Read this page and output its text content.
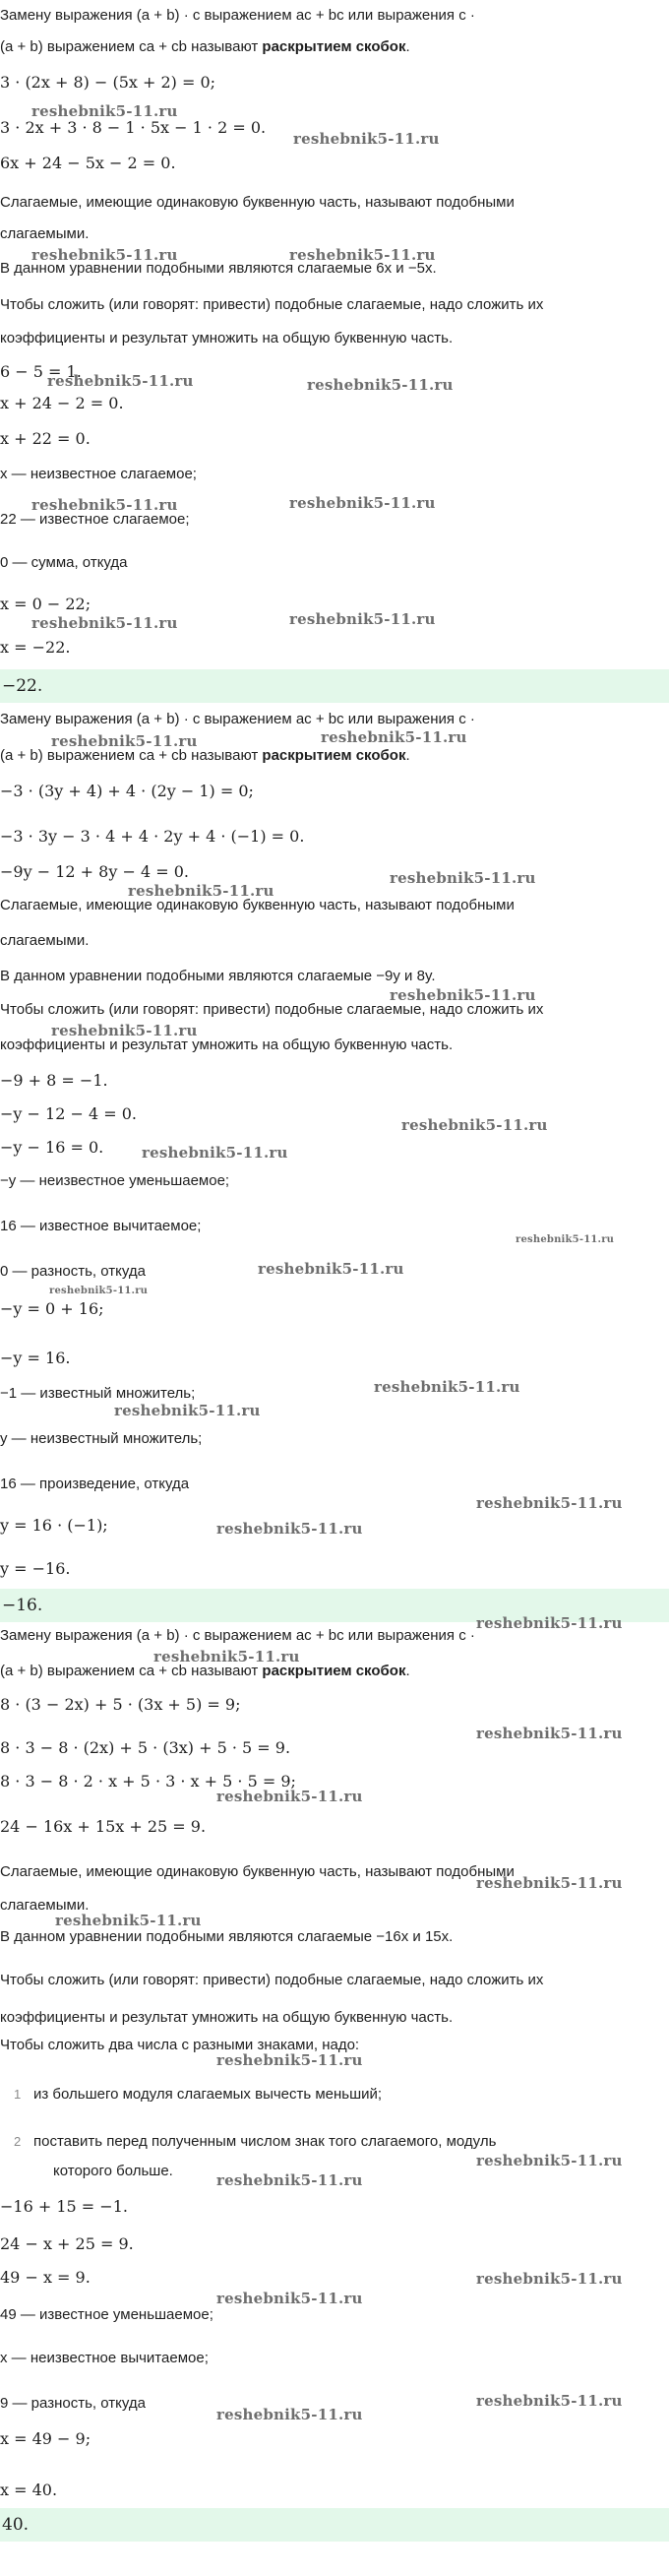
Замену выражения (a + b) · c выражением ac + bc или выражения c ·
(a + b) выражением ca + cb называют раскрытием скобок.
3 · (2x + 8) − (5x + 2) = 0;
reshebnik5-11.ru
3 · 2x + 3 · 8 − 1 · 5x − 1 · 2 = 0.
reshebnik5-11.ru
6x + 24 − 5x − 2 = 0.
Слагаемые, имеющие одинаковую буквенную часть, называют подобными
слагаемыми.
reshebnik5-11.ru	reshebnik5-11.ru
В данном уравнении подобными являются слагаемые 6x и −5x.
Чтобы сложить (или говорят: привести) подобные слагаемые, надо сложить их
коэффициенты и результат умножить на общую буквенную часть.
6 − 5 = 1.
reshebnik5-11.ru	reshebnik5-11.ru
x + 24 − 2 = 0.
x + 22 = 0.
x — неизвестное слагаемое;
reshebnik5-11.ru	reshebnik5-11.ru
22 — известное слагаемое;
0 — сумма, откуда
x = 0 − 22;
reshebnik5-11.ru	reshebnik5-11.ru
x = −22.
−22.
Замену выражения (a + b) · c выражением ac + bc или выражения c ·
reshebnik5-11.ru	reshebnik5-11.ru
(a + b) выражением ca + cb называют раскрытием скобок.
−3 · (3y + 4) + 4 · (2y − 1) = 0;
−3 · 3y − 3 · 4 + 4 · 2y + 4 · (−1) = 0.
−9y − 12 + 8y − 4 = 0.	reshebnik5-11.ru
reshebnik5-11.ru
Слагаемые, имеющие одинаковую буквенную часть, называют подобными
слагаемыми.
В данном уравнении подобными являются слагаемые −9y и 8y.
reshebnik5-11.ru
Чтобы сложить (или говорят: привести) подобные слагаемые, надо сложить их
reshebnik5-11.ru
коэффициенты и результат умножить на общую буквенную часть.
−9 + 8 = −1.
−y − 12 − 4 = 0.
reshebnik5-11.ru
−y − 16 = 0.	reshebnik5-11.ru
−y — неизвестное уменьшаемое;
16 — известное вычитаемое;
reshebnik5-11.ru
0 — разность, откуда	reshebnik5-11.ru
reshebnik5-11.ru
−y = 0 + 16;
−y = 16.
−1 — известный множитель;	reshebnik5-11.ru
reshebnik5-11.ru
y — неизвестный множитель;
16 — произведение, откуда
reshebnik5-11.ru
y = 16 · (−1);	reshebnik5-11.ru
y = −16.
−16.
reshebnik5-11.ru
Замену выражения (a + b) · c выражением ac + bc или выражения c ·
reshebnik5-11.ru
(a + b) выражением ca + cb называют раскрытием скобок.
8 · (3 − 2x) + 5 · (3x + 5) = 9;
reshebnik5-11.ru
8 · 3 − 8 · (2x) + 5 · (3x) + 5 · 5 = 9.
8 · 3 − 8 · 2 · x + 5 · 3 · x + 5 · 5 = 9;
reshebnik5-11.ru
24 − 16x + 15x + 25 = 9.
Слагаемые, имеющие одинаковую буквенную часть, называют подобными
reshebnik5-11.ru
слагаемыми.
reshebnik5-11.ru
В данном уравнении подобными являются слагаемые −16x и 15x.
Чтобы сложить (или говорят: привести) подобные слагаемые, надо сложить их
коэффициенты и результат умножить на общую буквенную часть.
Чтобы сложить два числа с разными знаками, надо:
reshebnik5-11.ru
1 из большего модуля слагаемых вычесть меньший;
2 поставить перед полученным числом знак того слагаемого, модуль
reshebnik5-11.ru
которого больше.
reshebnik5-11.ru
−16 + 15 = −1.
24 − x + 25 = 9.
49 − x = 9.	reshebnik5-11.ru
reshebnik5-11.ru
49 — известное уменьшаемое;
x — неизвестное вычитаемое;
9 — разность, откуда	reshebnik5-11.ru
reshebnik5-11.ru
x = 49 − 9;
x = 40.
40.
